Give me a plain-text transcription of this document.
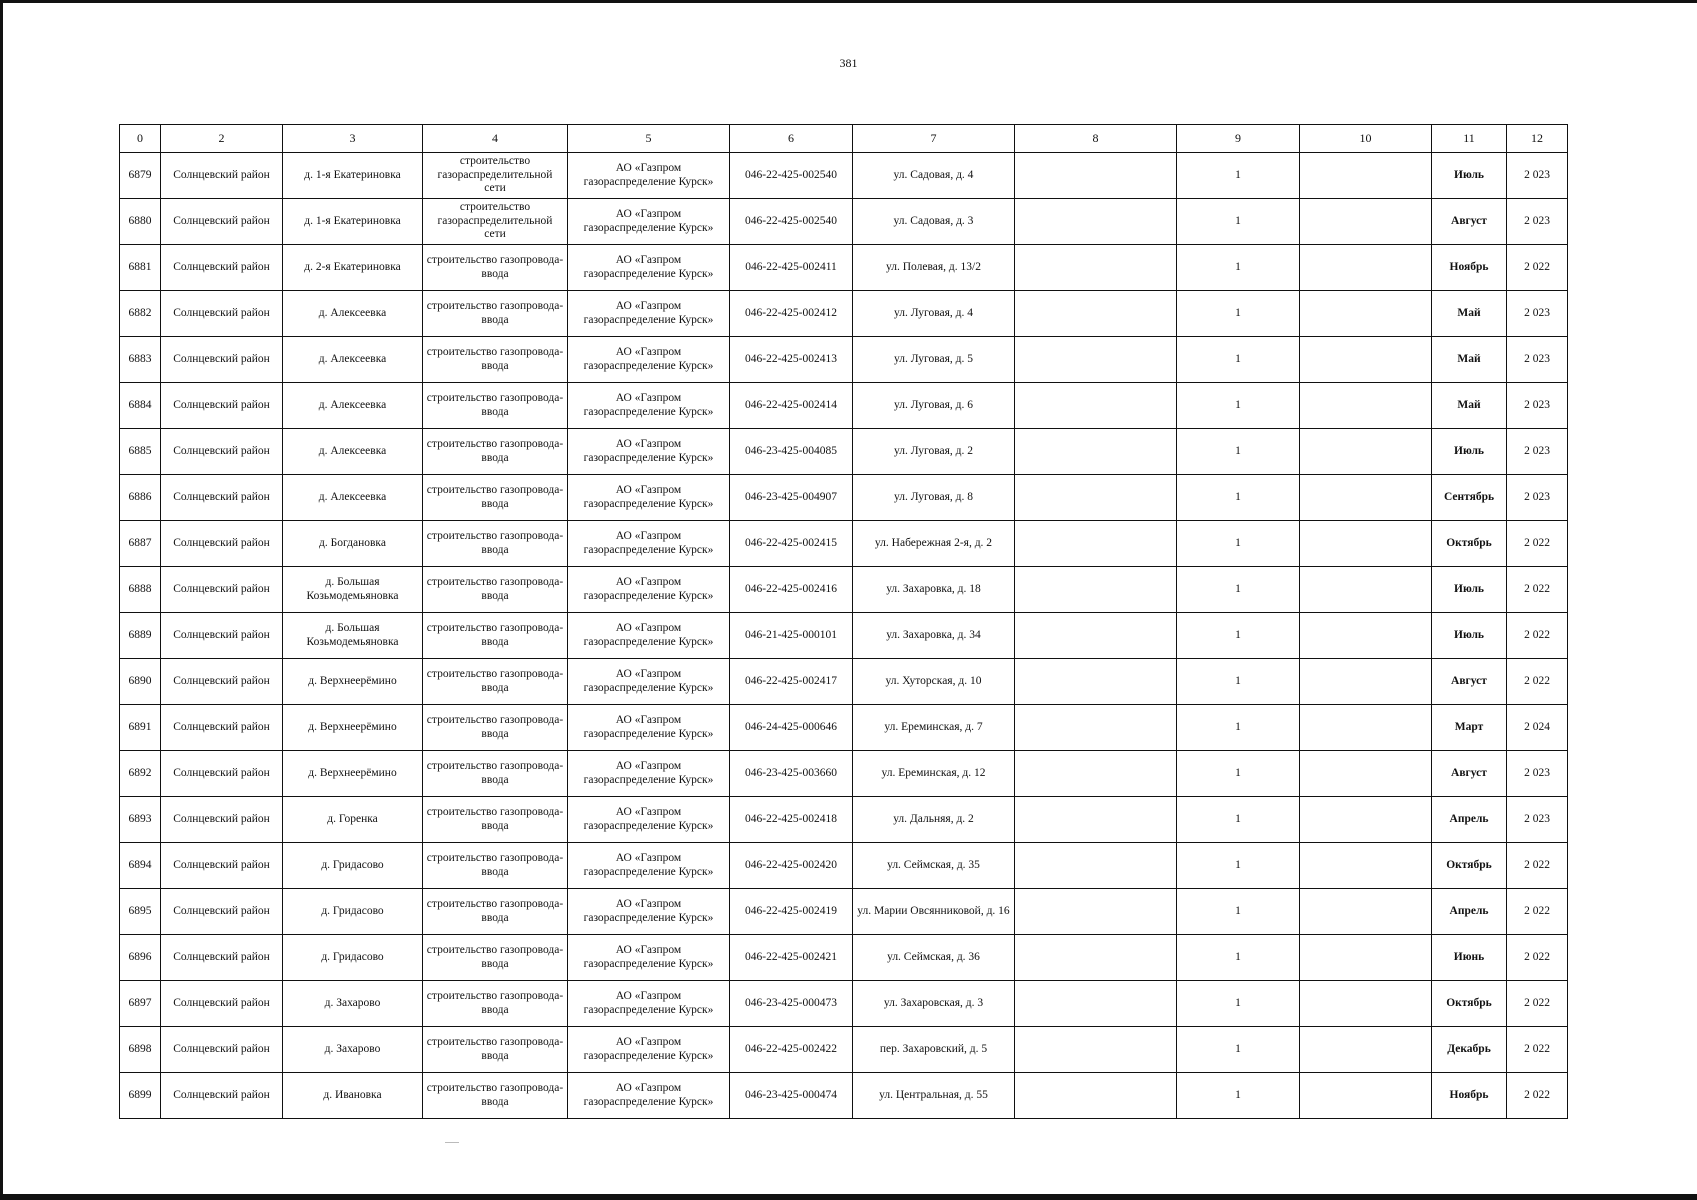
381
0	2	3	4	5	6	7	8	9	10	11	12
6879	Солнцевский район	д. 1-я Екатериновка	строительство газораспределительной сети	АО «Газпром газораспределение Курск»	046-22-425-002540	ул. Садовая, д. 4		1		Июль	2 023
6880	Солнцевский район	д. 1-я Екатериновка	строительство газораспределительной сети	АО «Газпром газораспределение Курск»	046-22-425-002540	ул. Садовая, д. 3		1		Август	2 023
6881	Солнцевский район	д. 2-я Екатериновка	строительство газопровода-ввода	АО «Газпром газораспределение Курск»	046-22-425-002411	ул. Полевая, д. 13/2		1		Ноябрь	2 022
6882	Солнцевский район	д. Алексеевка	строительство газопровода-ввода	АО «Газпром газораспределение Курск»	046-22-425-002412	ул. Луговая, д. 4		1		Май	2 023
6883	Солнцевский район	д. Алексеевка	строительство газопровода-ввода	АО «Газпром газораспределение Курск»	046-22-425-002413	ул. Луговая, д. 5		1		Май	2 023
6884	Солнцевский район	д. Алексеевка	строительство газопровода-ввода	АО «Газпром газораспределение Курск»	046-22-425-002414	ул. Луговая, д. 6		1		Май	2 023
6885	Солнцевский район	д. Алексеевка	строительство газопровода-ввода	АО «Газпром газораспределение Курск»	046-23-425-004085	ул. Луговая, д. 2		1		Июль	2 023
6886	Солнцевский район	д. Алексеевка	строительство газопровода-ввода	АО «Газпром газораспределение Курск»	046-23-425-004907	ул. Луговая, д. 8		1		Сентябрь	2 023
6887	Солнцевский район	д. Богдановка	строительство газопровода-ввода	АО «Газпром газораспределение Курск»	046-22-425-002415	ул. Набережная 2-я, д. 2		1		Октябрь	2 022
6888	Солнцевский район	д. Большая Козьмодемьяновка	строительство газопровода-ввода	АО «Газпром газораспределение Курск»	046-22-425-002416	ул. Захаровка, д. 18		1		Июль	2 022
6889	Солнцевский район	д. Большая Козьмодемьяновка	строительство газопровода-ввода	АО «Газпром газораспределение Курск»	046-21-425-000101	ул. Захаровка, д. 34		1		Июль	2 022
6890	Солнцевский район	д. Верхнеерёмино	строительство газопровода-ввода	АО «Газпром газораспределение Курск»	046-22-425-002417	ул. Хуторская, д. 10		1		Август	2 022
6891	Солнцевский район	д. Верхнеерёмино	строительство газопровода-ввода	АО «Газпром газораспределение Курск»	046-24-425-000646	ул. Ереминская, д. 7		1		Март	2 024
6892	Солнцевский район	д. Верхнеерёмино	строительство газопровода-ввода	АО «Газпром газораспределение Курск»	046-23-425-003660	ул. Ереминская, д. 12		1		Август	2 023
6893	Солнцевский район	д. Горенка	строительство газопровода-ввода	АО «Газпром газораспределение Курск»	046-22-425-002418	ул. Дальняя, д. 2		1		Апрель	2 023
6894	Солнцевский район	д. Гридасово	строительство газопровода-ввода	АО «Газпром газораспределение Курск»	046-22-425-002420	ул. Сеймская, д. 35		1		Октябрь	2 022
6895	Солнцевский район	д. Гридасово	строительство газопровода-ввода	АО «Газпром газораспределение Курск»	046-22-425-002419	ул. Марии Овсянниковой, д. 16		1		Апрель	2 022
6896	Солнцевский район	д. Гридасово	строительство газопровода-ввода	АО «Газпром газораспределение Курск»	046-22-425-002421	ул. Сеймская, д. 36		1		Июнь	2 022
6897	Солнцевский район	д. Захарово	строительство газопровода-ввода	АО «Газпром газораспределение Курск»	046-23-425-000473	ул. Захаровская, д. 3		1		Октябрь	2 022
6898	Солнцевский район	д. Захарово	строительство газопровода-ввода	АО «Газпром газораспределение Курск»	046-22-425-002422	пер. Захаровский, д. 5		1		Декабрь	2 022
6899	Солнцевский район	д. Ивановка	строительство газопровода-ввода	АО «Газпром газораспределение Курск»	046-23-425-000474	ул. Центральная, д. 55		1		Ноябрь	2 022
